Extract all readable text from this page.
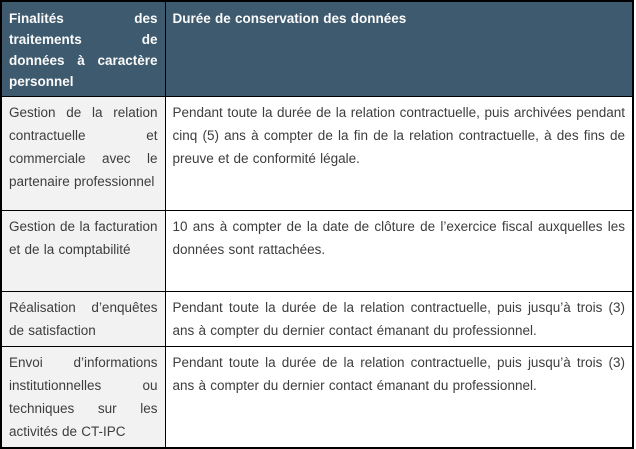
Finalités des traitements de données à caractère personnel	Durée de conservation des données
Gestion de la relation contractuelle et commerciale avec le partenaire professionnel	Pendant toute la durée de la relation contractuelle, puis archivées pendant cinq (5) ans à compter de la fin de la relation contractuelle, à des fins de preuve et de conformité légale.
Gestion de la facturation et de la comptabilité	10 ans à compter de la date de clôture de l’exercice fiscal auxquelles les données sont rattachées.
Réalisation d’enquêtes de satisfaction	Pendant toute la durée de la relation contractuelle, puis jusqu’à trois (3) ans à compter du dernier contact émanant du professionnel.
Envoi d’informations institutionnelles ou techniques sur les activités de CT-IPC	Pendant toute la durée de la relation contractuelle, puis jusqu’à trois (3) ans à compter du dernier contact émanant du professionnel.
